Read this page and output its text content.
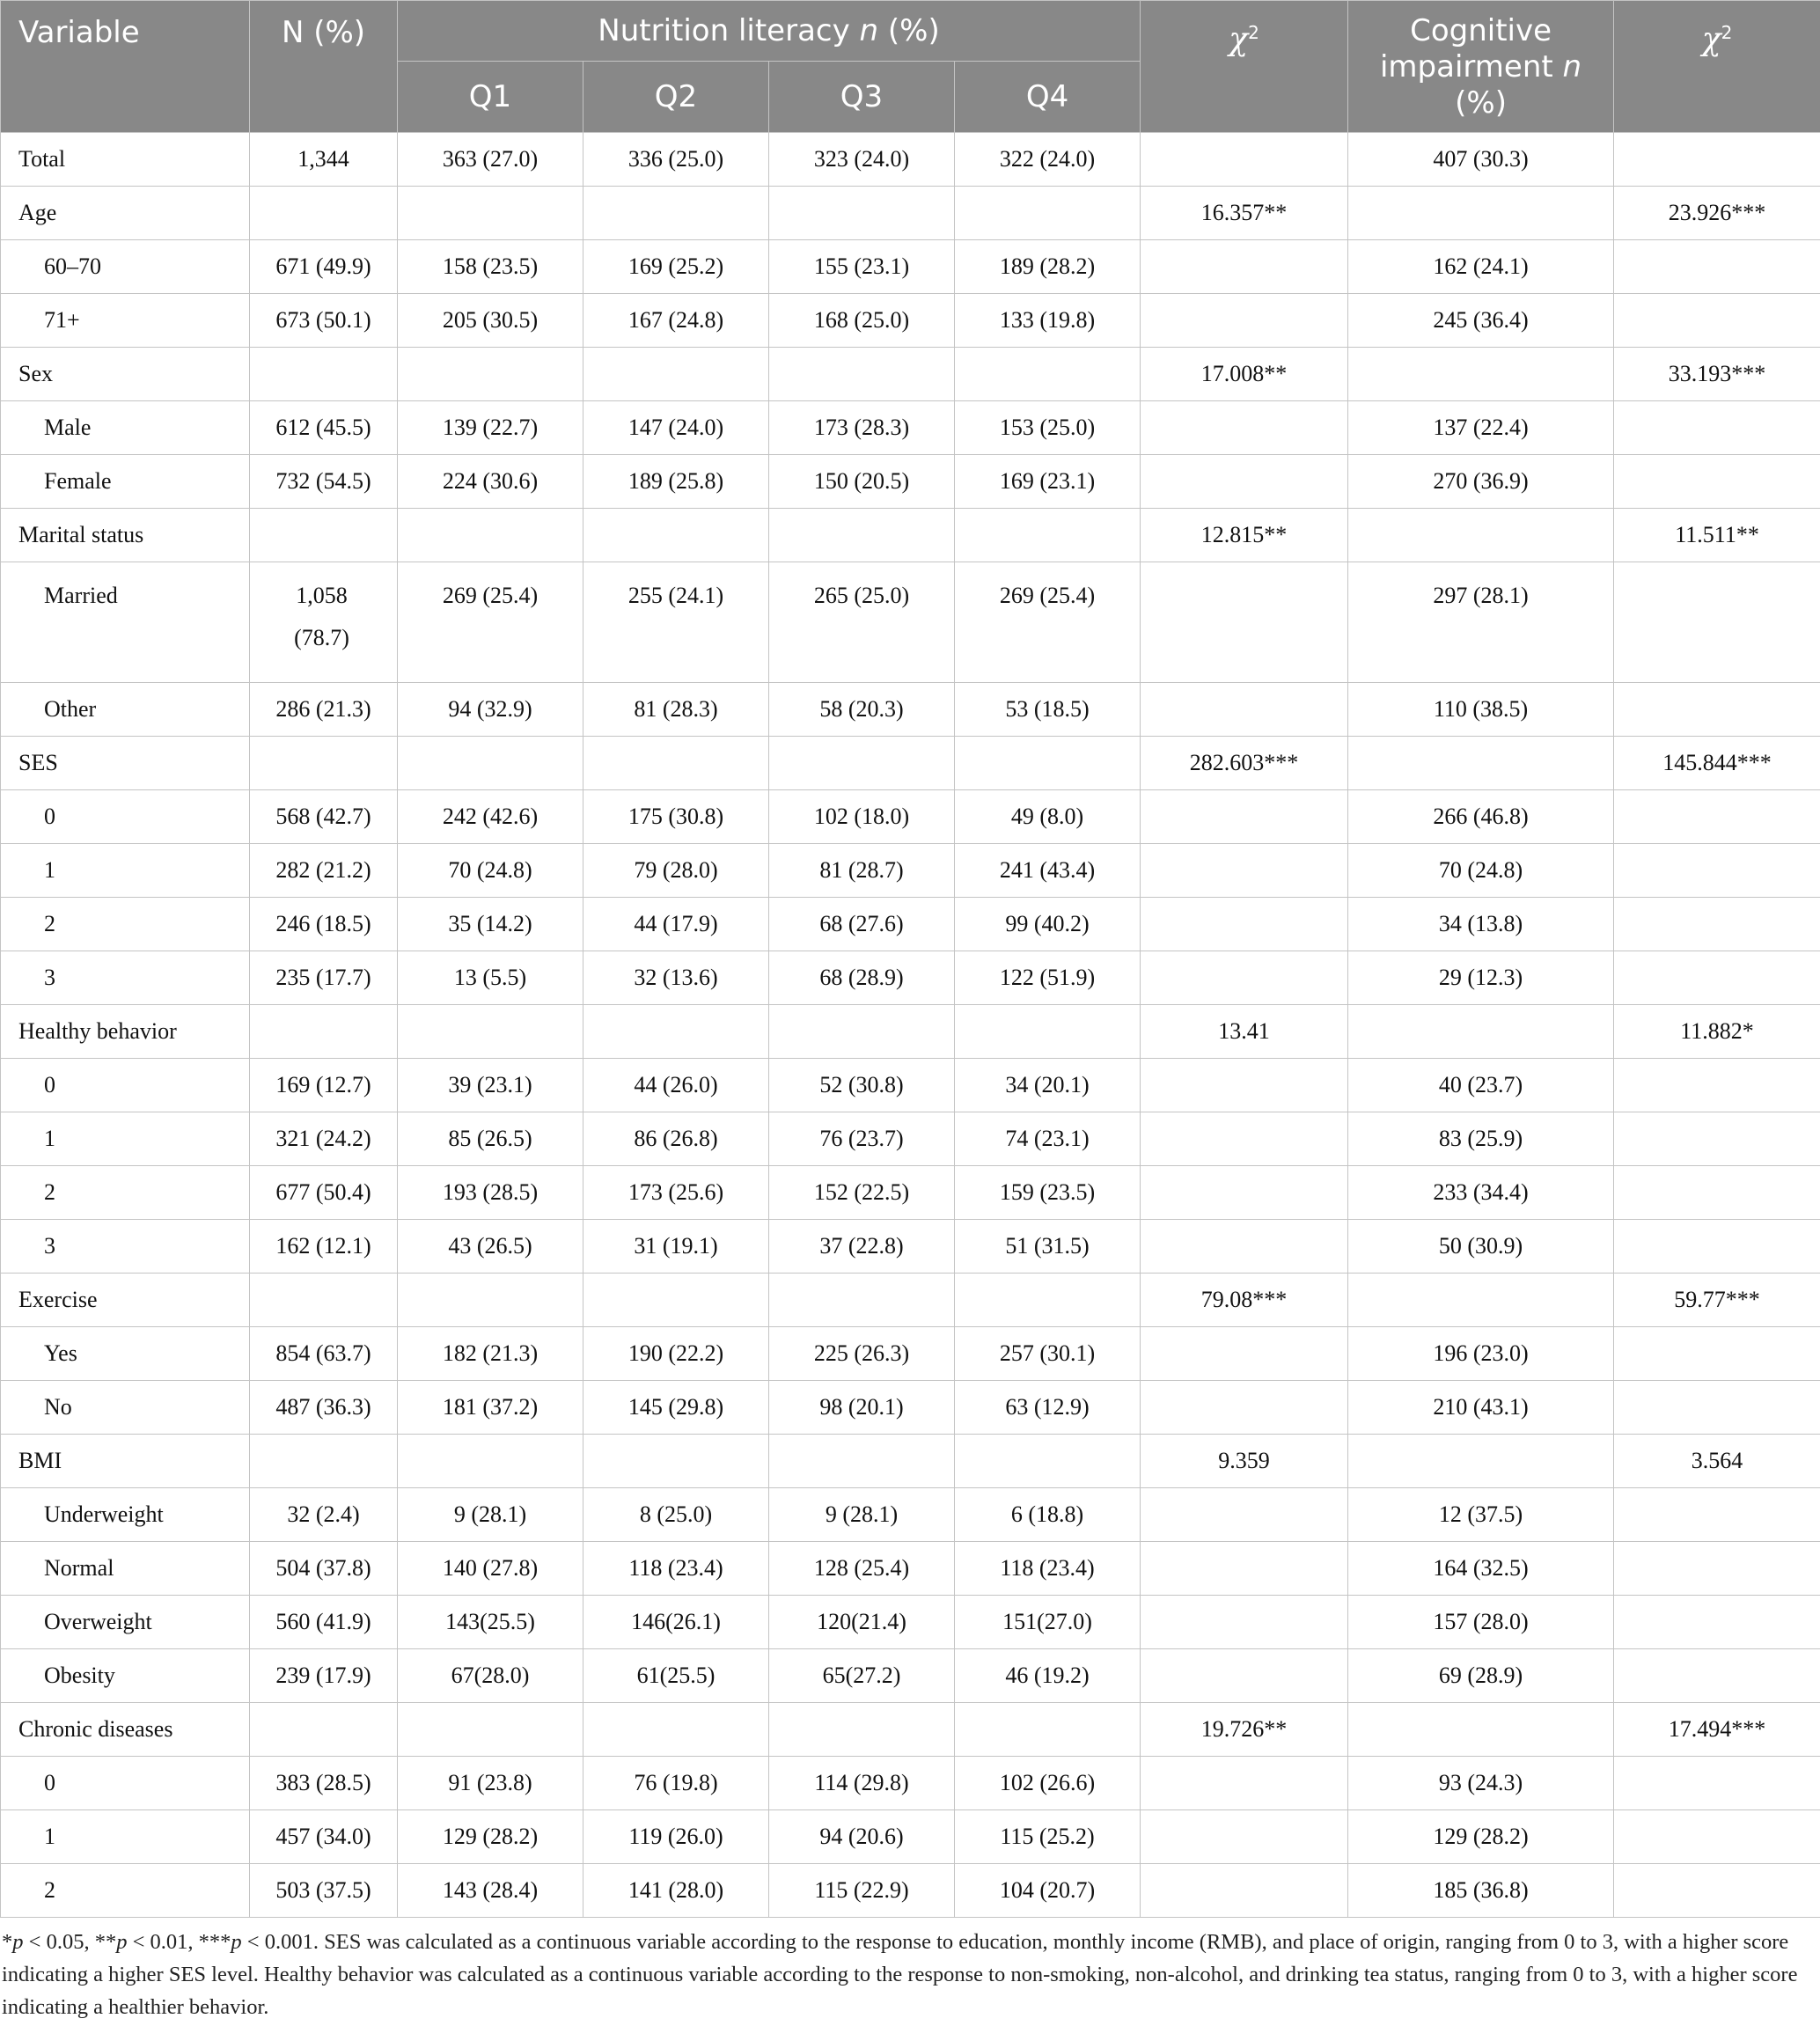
Variable	N (%)	Nutrition literacy n (%)				$\chi^2$	Cognitive
impairment n
(%)	$\chi^2$
		Q1	Q2	Q3	Q4			
Total	1,344	363 (27.0)	336 (25.0)	323 (24.0)	322 (24.0)		407 (30.3)	
Age						16.357**		23.926***
60–70	671 (49.9)	158 (23.5)	169 (25.2)	155 (23.1)	189 (28.2)		162 (24.1)	
71+	673 (50.1)	205 (30.5)	167 (24.8)	168 (25.0)	133 (19.8)		245 (36.4)	
Sex						17.008**		33.193***
Male	612 (45.5)	139 (22.7)	147 (24.0)	173 (28.3)	153 (25.0)		137 (22.4)	
Female	732 (54.5)	224 (30.6)	189 (25.8)	150 (20.5)	169 (23.1)		270 (36.9)	
Marital status						12.815**		11.511**
Married	1,058
(78.7)	269 (25.4)	255 (24.1)	265 (25.0)	269 (25.4)		297 (28.1)	
Other	286 (21.3)	94 (32.9)	81 (28.3)	58 (20.3)	53 (18.5)		110 (38.5)	
SES						282.603***		145.844***
0	568 (42.7)	242 (42.6)	175 (30.8)	102 (18.0)	49 (8.0)		266 (46.8)	
1	282 (21.2)	70 (24.8)	79 (28.0)	81 (28.7)	241 (43.4)		70 (24.8)	
2	246 (18.5)	35 (14.2)	44 (17.9)	68 (27.6)	99 (40.2)		34 (13.8)	
3	235 (17.7)	13 (5.5)	32 (13.6)	68 (28.9)	122 (51.9)		29 (12.3)	
Healthy behavior						13.41		11.882*
0	169 (12.7)	39 (23.1)	44 (26.0)	52 (30.8)	34 (20.1)		40 (23.7)	
1	321 (24.2)	85 (26.5)	86 (26.8)	76 (23.7)	74 (23.1)		83 (25.9)	
2	677 (50.4)	193 (28.5)	173 (25.6)	152 (22.5)	159 (23.5)		233 (34.4)	
3	162 (12.1)	43 (26.5)	31 (19.1)	37 (22.8)	51 (31.5)		50 (30.9)	
Exercise						79.08***		59.77***
Yes	854 (63.7)	182 (21.3)	190 (22.2)	225 (26.3)	257 (30.1)		196 (23.0)	
No	487 (36.3)	181 (37.2)	145 (29.8)	98 (20.1)	63 (12.9)		210 (43.1)	
BMI						9.359		3.564
Underweight	32 (2.4)	9 (28.1)	8 (25.0)	9 (28.1)	6 (18.8)		12 (37.5)	
Normal	504 (37.8)	140 (27.8)	118 (23.4)	128 (25.4)	118 (23.4)		164 (32.5)	
Overweight	560 (41.9)	143(25.5)	146(26.1)	120(21.4)	151(27.0)		157 (28.0)	
Obesity	239 (17.9)	67(28.0)	61(25.5)	65(27.2)	46 (19.2)		69 (28.9)	
Chronic diseases						19.726**		17.494***
0	383 (28.5)	91 (23.8)	76 (19.8)	114 (29.8)	102 (26.6)		93 (24.3)	
1	457 (34.0)	129 (28.2)	119 (26.0)	94 (20.6)	115 (25.2)		129 (28.2)	
2	503 (37.5)	143 (28.4)	141 (28.0)	115 (22.9)	104 (20.7)		185 (36.8)	
*p < 0.05, **p < 0.01, ***p < 0.001. SES was calculated as a continuous variable according to the response to education, monthly income (RMB), and place of origin, ranging from 0 to 3, with a higher score indicating a higher SES level. Healthy behavior was calculated as a continuous variable according to the response to non-smoking, non-alcohol, and drinking tea status, ranging from 0 to 3, with a higher score indicating a healthier behavior.
